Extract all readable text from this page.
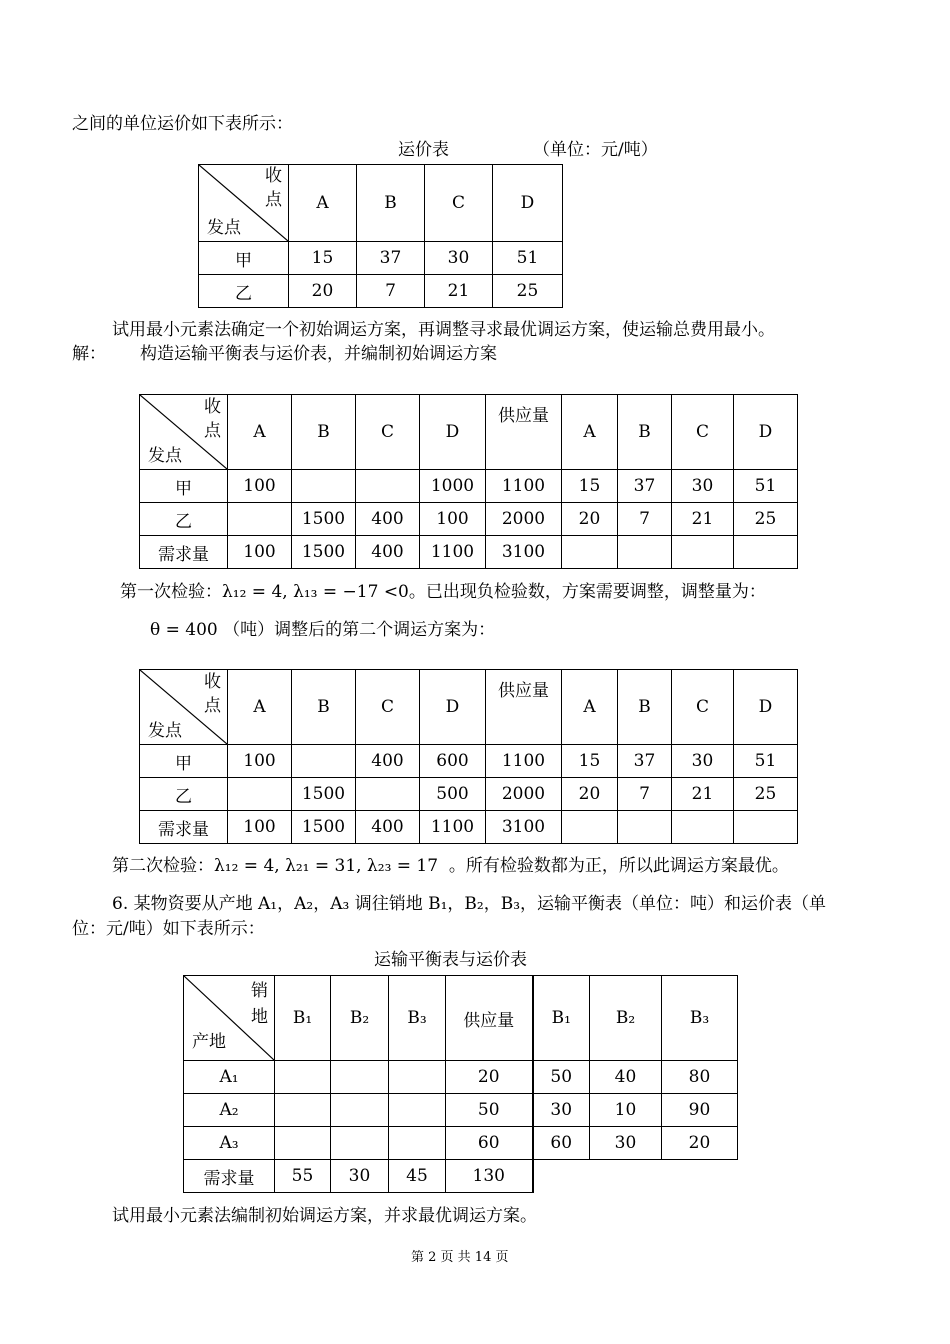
之间的单位运价如下表所示：
运价表	（单位：元/吨）
收
点
发点	A	B	C	D
甲	15	37	30	51
乙	20	7	21	25
试用最小元素法确定一个初始调运方案，再调整寻求最优调运方案，使运输总费用最小。
解： 构造运输平衡表与运价表，并编制初始调运方案
收
点
发点	A	B	C	D	供应量	A	B	C	D
甲	100			1000	1100	15	37	30	51
乙		1500	400	100	2000	20	7	21	25
需求量	100	1500	400	1100	3100				
第一次检验：λ₁₂ = 4, λ₁₃ = −17 <0。已出现负检验数，方案需要调整，调整量为：
θ = 400 （吨）调整后的第二个调运方案为：
收
点
发点	A	B	C	D	供应量	A	B	C	D
甲	100		400	600	1100	15	37	30	51
乙		1500		500	2000	20	7	21	25
需求量	100	1500	400	1100	3100				
第二次检验：λ₁₂ = 4, λ₂₁ = 31, λ₂₃ = 17 。所有检验数都为正，所以此调运方案最优。
6. 某物资要从产地 A₁，A₂，A₃ 调往销地 B₁，B₂，B₃，运输平衡表（单位：吨）和运价表（单
位：元/吨）如下表所示：
运输平衡表与运价表
销
地
产地	B₁	B₂	B₃	供应量	B₁	B₂	B₃
A₁				20	50	40	80
A₂				50	30	10	90
A₃				60	60	30	20
需求量	55	30	45	130			
试用最小元素法编制初始调运方案，并求最优调运方案。
第 2 页 共 14 页
